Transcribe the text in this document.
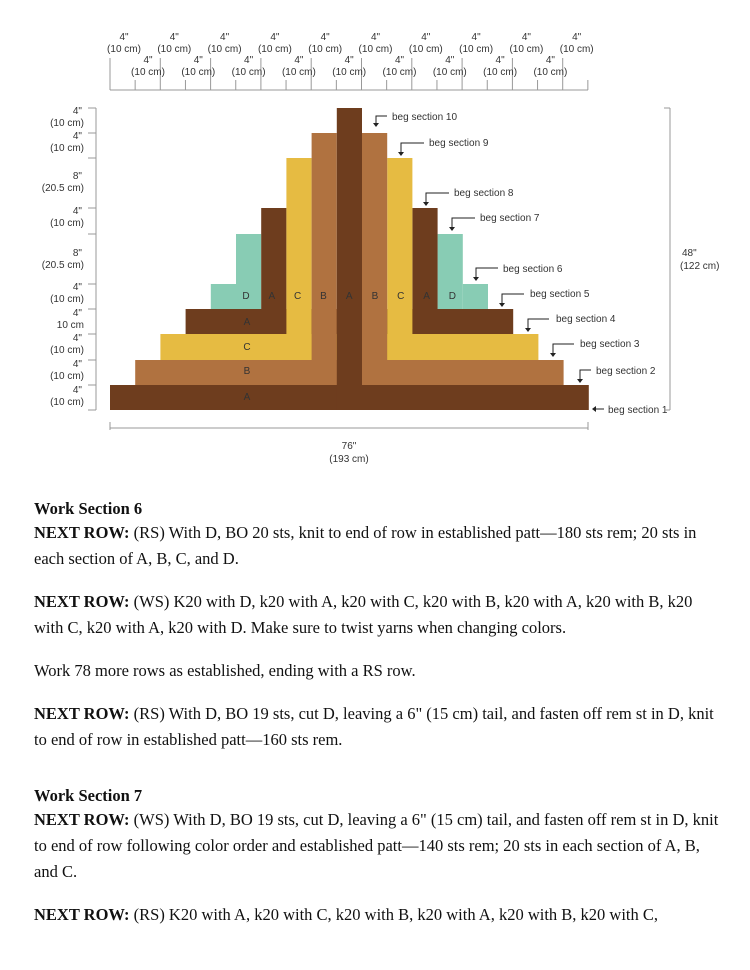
4"
(10 cm)
4"
(10 cm)
4"
(10 cm)
4"
(10 cm)
4"
(10 cm)
4"
(10 cm)
4"
(10 cm)
4"
(10 cm)
4"
(10 cm)
4"
(10 cm)
4"
(10 cm)
4"
(10 cm)
4"
(10 cm)
4"
(10 cm)
4"
(10 cm)
4"
(10 cm)
4"
(10 cm)
4"
(10 cm)
4"
(10 cm)
4"
(10 cm)
4"
(10 cm)
8"
(20.5 cm)
4"
(10 cm)
8"
(20.5 cm)
4"
(10 cm)
4"
10 cm
4"
(10 cm)
4"
(10 cm)
4"
(10 cm)
D A C B A B C A D
A
C
B
A
beg section 1
beg section 2
beg section 3
beg section 4
beg section 5
beg section 6
beg section 7
beg section 8
beg section 9
beg section 10
48"
(122 cm)
76"
(193 cm)
Work Section 6

NEXT ROW: (RS) With D, BO 20 sts, knit to end of row in established patt—180 sts rem; 20 sts in each section of A, B, C, and D.

NEXT ROW: (WS) K20 with D, k20 with A, k20 with C, k20 with B, k20 with A, k20 with B, k20 with C, k20 with A, k20 with D. Make sure to twist yarns when changing colors.

Work 78 more rows as established, ending with a RS row.

NEXT ROW: (RS) With D, BO 19 sts, cut D, leaving a 6" (15 cm) tail, and fasten off rem st in D, knit to end of row in established patt—160 sts rem.

Work Section 7

NEXT ROW: (WS) With D, BO 19 sts, cut D, leaving a 6" (15 cm) tail, and fasten off rem st in D, knit to end of row following color order and established patt—140 sts rem; 20 sts in each section of A, B, and C.

NEXT ROW: (RS) K20 with A, k20 with C, k20 with B, k20 with A, k20 with B, k20 with C,
